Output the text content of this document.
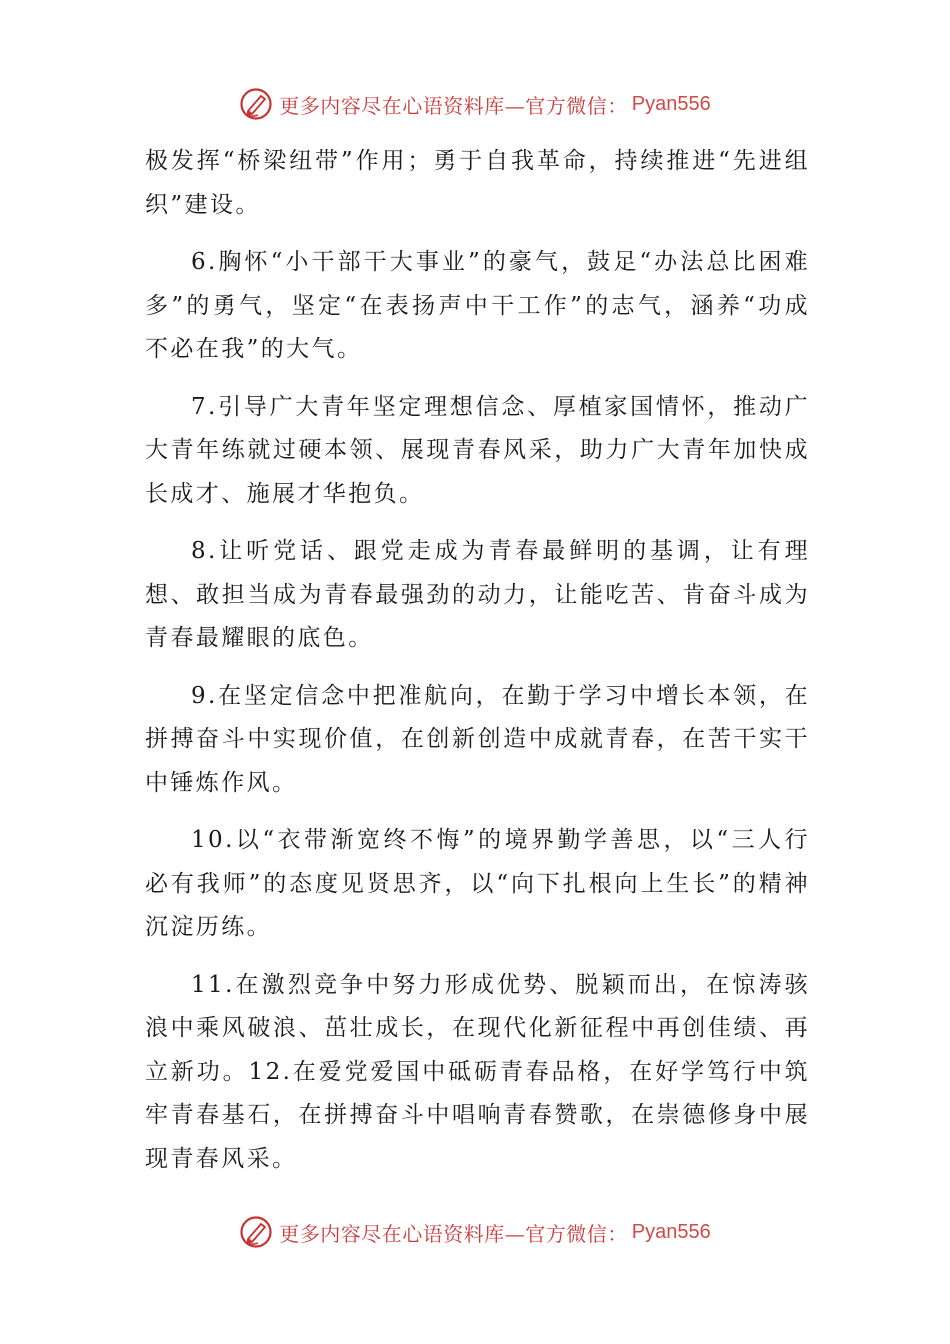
更多内容尽在心语资料库—官方微信： Pyan556

极发挥“桥梁纽带”作用；勇于自我革命，持续推进“先进组织”建设。

6.胸怀“小干部干大事业”的豪气，鼓足“办法总比困难多”的勇气，坚定“在表扬声中干工作”的志气，涵养“功成不必在我”的大气。

7.引导广大青年坚定理想信念、厚植家国情怀，推动广大青年练就过硬本领、展现青春风采，助力广大青年加快成长成才、施展才华抱负。

8.让听党话、跟党走成为青春最鲜明的基调，让有理想、敢担当成为青春最强劲的动力，让能吃苦、肯奋斗成为青春最耀眼的底色。

9.在坚定信念中把准航向，在勤于学习中增长本领，在拼搏奋斗中实现价值，在创新创造中成就青春，在苦干实干中锤炼作风。

10.以“衣带渐宽终不悔”的境界勤学善思，以“三人行必有我师”的态度见贤思齐，以“向下扎根向上生长”的精神沉淀历练。

11.在激烈竞争中努力形成优势、脱颖而出，在惊涛骇浪中乘风破浪、茁壮成长，在现代化新征程中再创佳绩、再立新功。12.在爱党爱国中砥砺青春品格，在好学笃行中筑牢青春基石，在拼搏奋斗中唱响青春赞歌，在崇德修身中展现青春风采。

更多内容尽在心语资料库—官方微信： Pyan556
